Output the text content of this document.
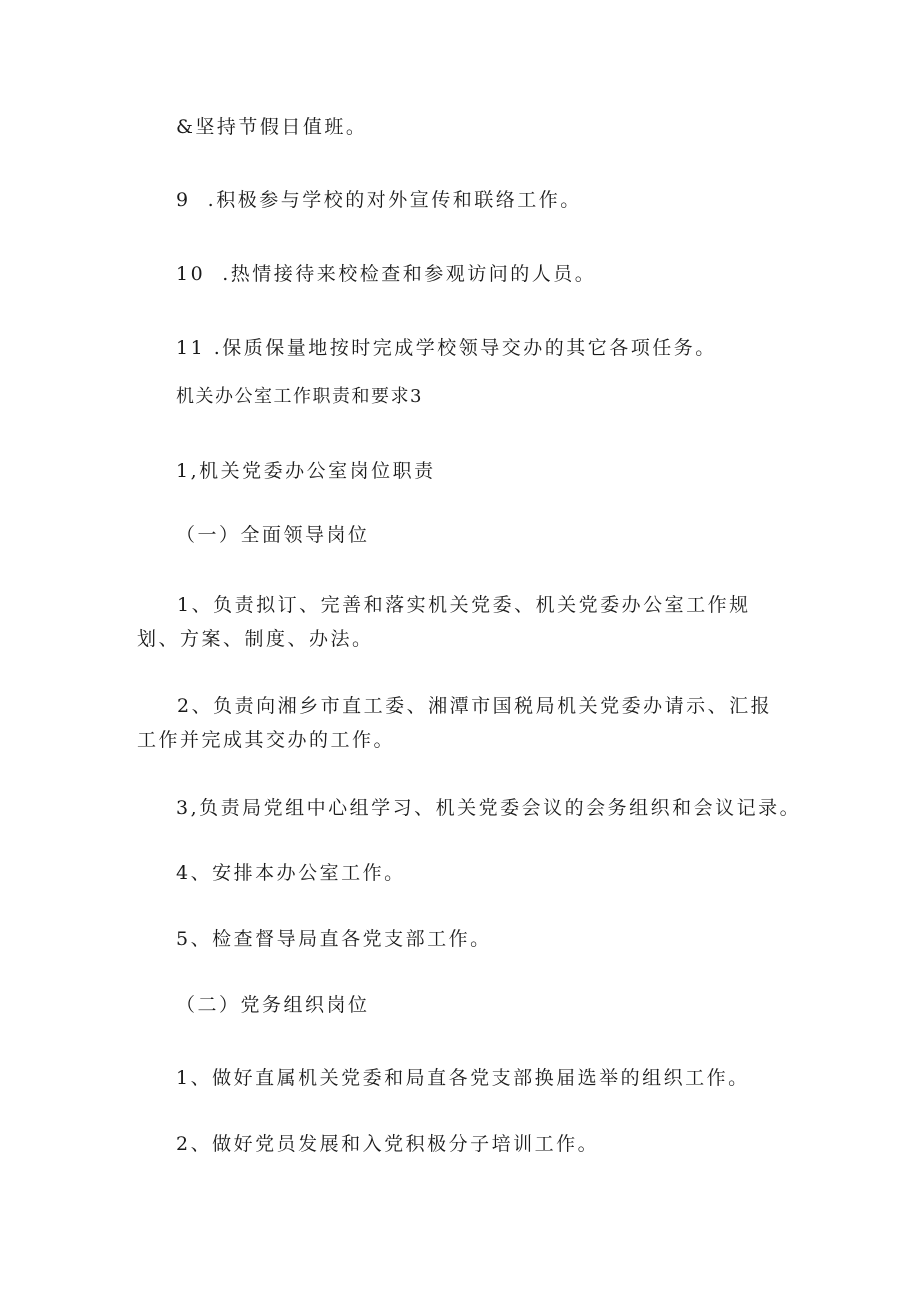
&坚持节假日值班。
9  .积极参与学校的对外宣传和联络工作。
10  .热情接待来校检查和参观访问的人员。
11 .保质保量地按时完成学校领导交办的其它各项任务。
机关办公室工作职责和要求3
1,机关党委办公室岗位职责
（一）全面领导岗位
1、负责拟订、完善和落实机关党委、机关党委办公室工作规划、方案、制度、办法。
2、负责向湘乡市直工委、湘潭市国税局机关党委办请示、汇报工作并完成其交办的工作。
3,负责局党组中心组学习、机关党委会议的会务组织和会议记录。
4、安排本办公室工作。
5、检查督导局直各党支部工作。
（二）党务组织岗位
1、做好直属机关党委和局直各党支部换届选举的组织工作。
2、做好党员发展和入党积极分子培训工作。
